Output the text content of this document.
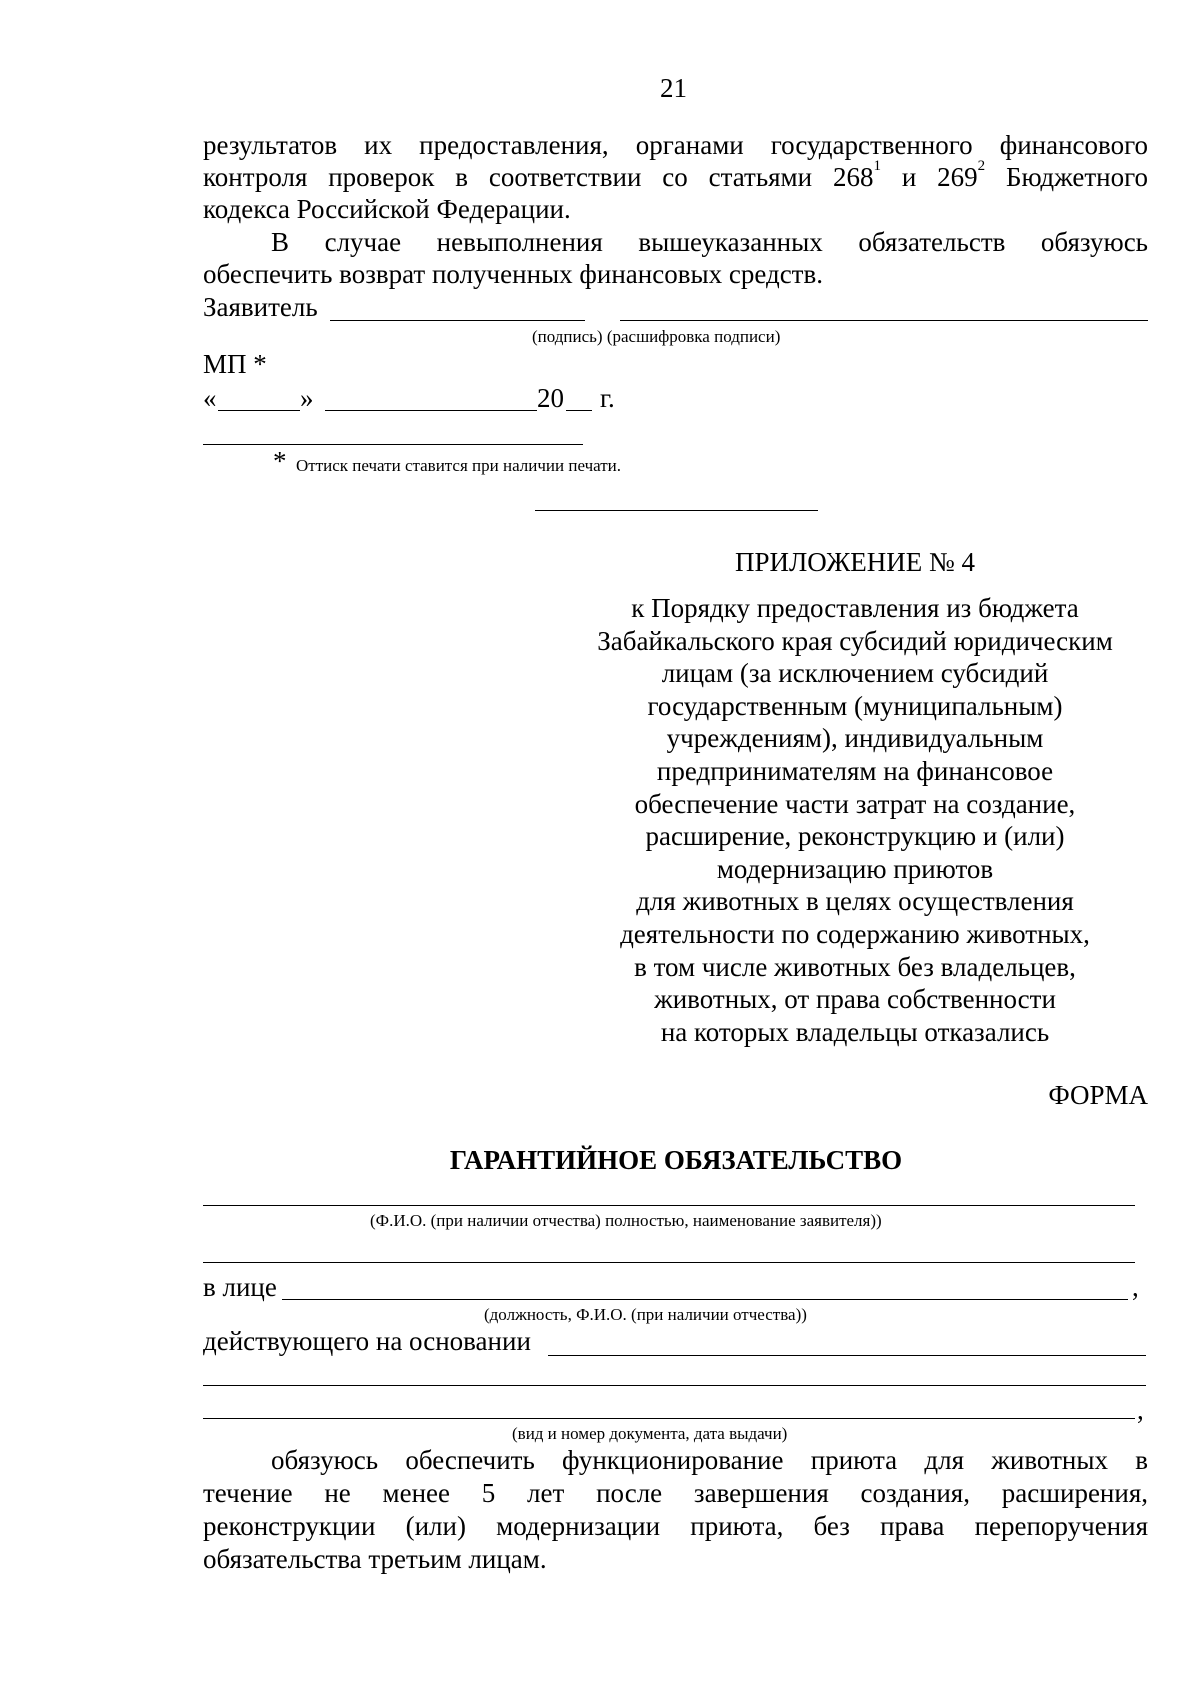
21
результатов их предоставления, органами государственного финансового
контроля проверок в соответствии со статьями $268^1$ и $269^2$ Бюджетного
кодекса Российской Федерации.
В случае невыполнения вышеуказанных обязательств обязуюсь
обеспечить возврат полученных финансовых средств.
Заявитель
(подпись) (расшифровка подписи)
МП *
«	»	20 г.
* Оттиск печати ставится при наличии печати.
ПРИЛОЖЕНИЕ № 4
к Порядку предоставления из бюджета
Забайкальского края субсидий юридическим
лицам (за исключением субсидий
государственным (муниципальным)
учреждениям), индивидуальным
предпринимателям на финансовое
обеспечение части затрат на создание,
расширение, реконструкцию и (или)
модернизацию приютов
для животных в целях осуществления
деятельности по содержанию животных,
в том числе животных без владельцев,
животных, от права собственности
на которых владельцы отказались
ФОРМА
ГАРАНТИЙНОЕ ОБЯЗАТЕЛЬСТВО
(Ф.И.О. (при наличии отчества) полностью, наименование заявителя))
в лице	,
(должность, Ф.И.О. (при наличии отчества))
действующего на основании
,
(вид и номер документа, дата выдачи)
обязуюсь обеспечить функционирование приюта для животных в
течение не менее 5 лет после завершения создания, расширения,
реконструкции (или) модернизации приюта, без права перепоручения
обязательства третьим лицам.
